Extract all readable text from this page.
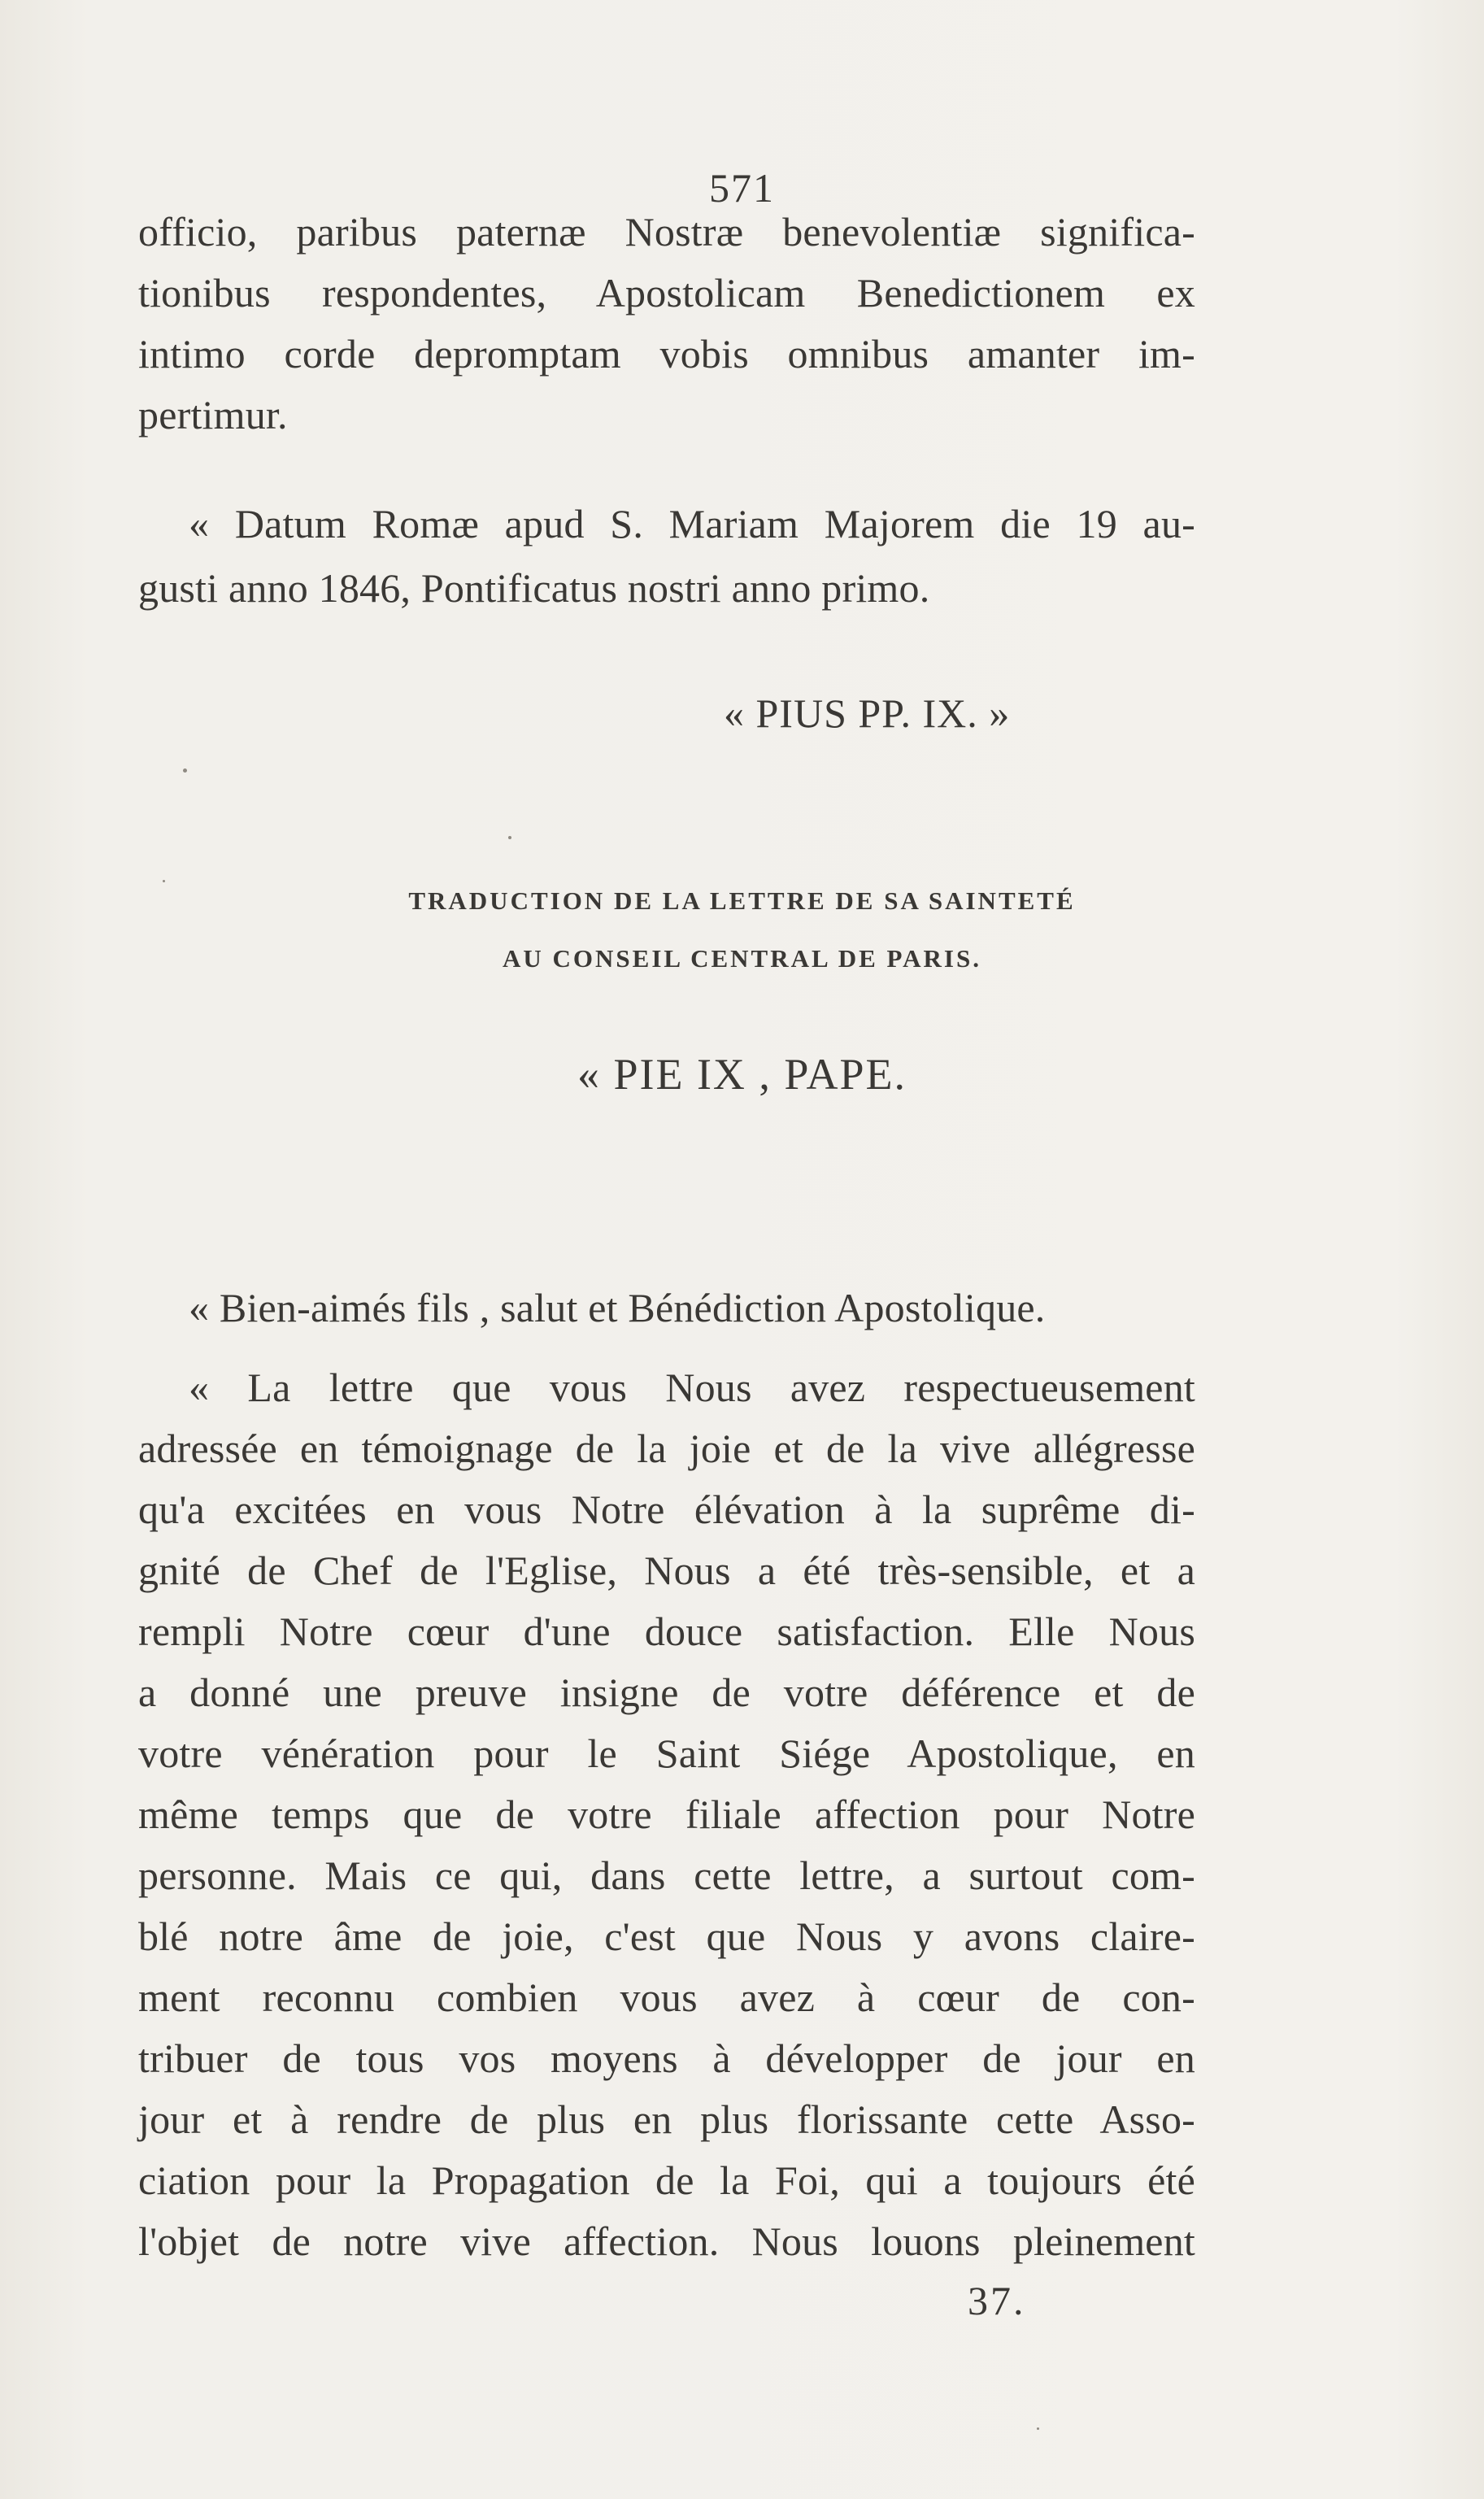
571
officio, paribus paternæ Nostræ benevolentiæ significa-
tionibus respondentes, Apostolicam Benedictionem ex
intimo corde depromptam vobis omnibus amanter im-
pertimur.
« Datum Romæ apud S. Mariam Majorem die 19 au-
gusti anno 1846, Pontificatus nostri anno primo.
« PIUS PP. IX. »
TRADUCTION DE LA LETTRE DE SA SAINTETÉ
AU CONSEIL CENTRAL DE PARIS.
« PIE IX , PAPE.
« Bien-aimés fils , salut et Bénédiction Apostolique.
« La lettre que vous Nous avez respectueusement
adressée en témoignage de la joie et de la vive allégresse
qu'a excitées en vous Notre élévation à la suprême di-
gnité de Chef de l'Eglise, Nous a été très-sensible, et a
rempli Notre cœur d'une douce satisfaction. Elle Nous
a donné une preuve insigne de votre déférence et de
votre vénération pour le Saint Siége Apostolique, en
même temps que de votre filiale affection pour Notre
personne. Mais ce qui, dans cette lettre, a surtout com-
blé notre âme de joie, c'est que Nous y avons claire-
ment reconnu combien vous avez à cœur de con-
tribuer de tous vos moyens à développer de jour en
jour et à rendre de plus en plus florissante cette Asso-
ciation pour la Propagation de la Foi, qui a toujours été
l'objet de notre vive affection. Nous louons pleinement
37.
